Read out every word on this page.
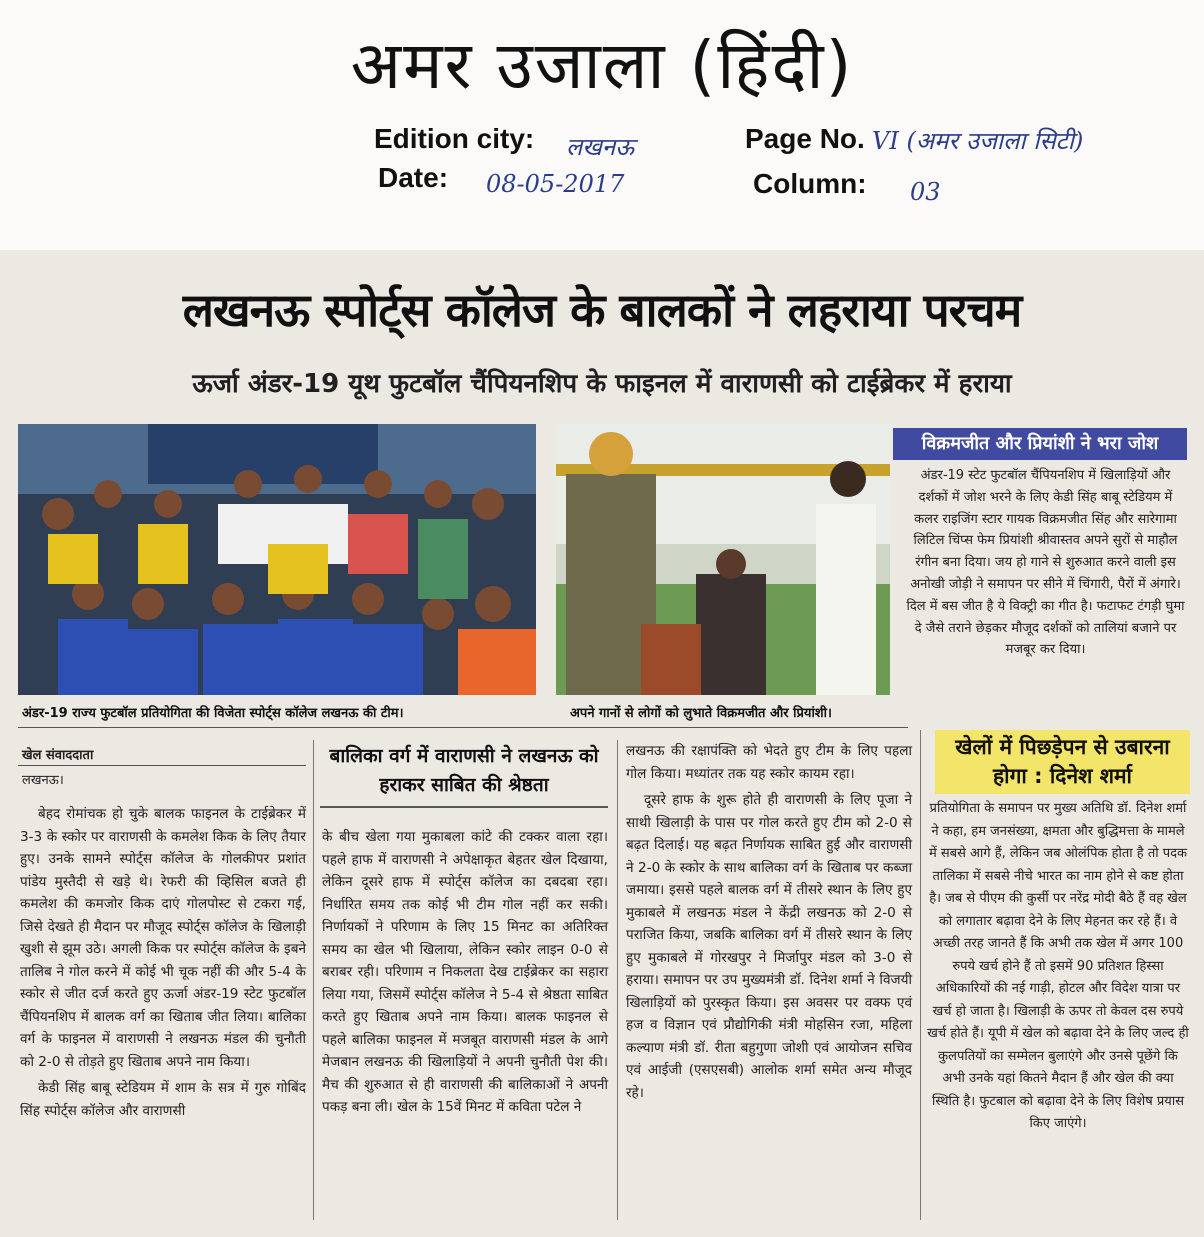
अमर उजाला (हिंदी)
Edition city: लखनऊ	Page No. VI (अमर उजाला सिटी)
Date: 08-05-2017	Column: 03
लखनऊ स्पोर्ट्स कॉलेज के बालकों ने लहराया परचम
ऊर्जा अंडर-19 यूथ फुटबॉल चैंपियनशिप के फाइनल में वाराणसी को टाईब्रेकर में हराया
अंडर-19 राज्य फुटबॉल प्रतियोगिता की विजेता स्पोर्ट्स कॉलेज लखनऊ की टीम।	अपने गानों से लोगों को लुभाते विक्रमजीत और प्रियांशी।
विक्रमजीत और प्रियांशी ने भरा जोश
अंडर-19 स्टेट फुटबॉल चैंपियनशिप में खिलाड़ियों और दर्शकों में जोश भरने के लिए केडी सिंह बाबू स्टेडियम में कलर राइजिंग स्टार गायक विक्रमजीत सिंह और सारेगामा लिटिल चिंप्स फेम प्रियांशी श्रीवास्तव अपने सुरों से माहौल रंगीन बना दिया। जय हो गाने से शुरुआत करने वाली इस अनोखी जोड़ी ने समापन पर सीने में चिंगारी, पैरों में अंगारे। दिल में बस जीत है ये विक्ट्री का गीत है। फटाफट टंगड़ी घुमा दे जैसे तराने छेड़कर मौजूद दर्शकों को तालियां बजाने पर मजबूर कर दिया।
खेल संवाददाता
लखनऊ।

बेहद रोमांचक हो चुके बालक फाइनल के टाईब्रेकर में 3-3 के स्कोर पर वाराणसी के कमलेश किक के लिए तैयार हुए। उनके सामने स्पोर्ट्स कॉलेज के गोलकीपर प्रशांत पांडेय मुस्तैदी से खड़े थे। रेफरी की व्हिसिल बजते ही कमलेश की कमजोर किक दाएं गोलपोस्ट से टकरा गई, जिसे देखते ही मैदान पर मौजूद स्पोर्ट्स कॉलेज के खिलाड़ी खुशी से झूम उठे। अगली किक पर स्पोर्ट्स कॉलेज के इबने तालिब ने गोल करने में कोई भी चूक नहीं की और 5-4 के स्कोर से जीत दर्ज करते हुए ऊर्जा अंडर-19 स्टेट फुटबॉल चैंपियनशिप में बालक वर्ग का खिताब जीत लिया। बालिका वर्ग के फाइनल में वाराणसी ने लखनऊ मंडल की चुनौती को 2-0 से तोड़ते हुए खिताब अपने नाम किया।

केडी सिंह बाबू स्टेडियम में शाम के सत्र में गुरु गोबिंद सिंह स्पोर्ट्स कॉलेज और वाराणसी

बालिका वर्ग में वाराणसी ने लखनऊ को हराकर साबित की श्रेष्ठता

के बीच खेला गया मुकाबला कांटे की टक्कर वाला रहा। पहले हाफ में वाराणसी ने अपेक्षाकृत बेहतर खेल दिखाया, लेकिन दूसरे हाफ में स्पोर्ट्स कॉलेज का दबदबा रहा। निर्धारित समय तक कोई भी टीम गोल नहीं कर सकी। निर्णायकों ने परिणाम के लिए 15 मिनट का अतिरिक्त समय का खेल भी खिलाया, लेकिन स्कोर लाइन 0-0 से बराबर रही। परिणाम न निकलता देख टाईब्रेकर का सहारा लिया गया, जिसमें स्पोर्ट्स कॉलेज ने 5-4 से श्रेष्ठता साबित करते हुए खिताब अपने नाम किया। बालक फाइनल से पहले बालिका फाइनल में मजबूत वाराणसी मंडल के आगे मेजबान लखनऊ की खिलाड़ियों ने अपनी चुनौती पेश की। मैच की शुरुआत से ही वाराणसी की बालिकाओं ने अपनी पकड़ बना ली। खेल के 15वें मिनट में कविता पटेल ने

लखनऊ की रक्षापंक्ति को भेदते हुए टीम के लिए पहला गोल किया। मध्यांतर तक यह स्कोर कायम रहा।

दूसरे हाफ के शुरू होते ही वाराणसी के लिए पूजा ने साथी खिलाड़ी के पास पर गोल करते हुए टीम को 2-0 से बढ़त दिलाई। यह बढ़त निर्णायक साबित हुई और वाराणसी ने 2-0 के स्कोर के साथ बालिका वर्ग के खिताब पर कब्जा जमाया। इससे पहले बालक वर्ग में तीसरे स्थान के लिए हुए मुकाबले में लखनऊ मंडल ने केंद्री लखनऊ को 2-0 से पराजित किया, जबकि बालिका वर्ग में तीसरे स्थान के लिए हुए मुकाबले में गोरखपुर ने मिर्जापुर मंडल को 3-0 से हराया। समापन पर उप मुख्यमंत्री डॉ. दिनेश शर्मा ने विजयी खिलाड़ियों को पुरस्कृत किया। इस अवसर पर वक्फ एवं हज व विज्ञान एवं प्रौद्योगिकी मंत्री मोहसिन रजा, महिला कल्याण मंत्री डॉ. रीता बहुगुणा जोशी एवं आयोजन सचिव एवं आईजी (एसएसबी) आलोक शर्मा समेत अन्य मौजूद रहे।

खेलों में पिछड़ेपन से उबारना होगा : दिनेश शर्मा
प्रतियोगिता के समापन पर मुख्य अतिथि डॉ. दिनेश शर्मा ने कहा, हम जनसंख्या, क्षमता और बुद्धिमत्ता के मामले में सबसे आगे हैं, लेकिन जब ओलंपिक होता है तो पदक तालिका में सबसे नीचे भारत का नाम होने से कष्ट होता है। जब से पीएम की कुर्सी पर नरेंद्र मोदी बैठे हैं वह खेल को लगातार बढ़ावा देने के लिए मेहनत कर रहे हैं। वे अच्छी तरह जानते हैं कि अभी तक खेल में अगर 100 रुपये खर्च होने हैं तो इसमें 90 प्रतिशत हिस्सा अधिकारियों की नई गाड़ी, होटल और विदेश यात्रा पर खर्च हो जाता है। खिलाड़ी के ऊपर तो केवल दस रुपये खर्च होते हैं। यूपी में खेल को बढ़ावा देने के लिए जल्द ही कुलपतियों का सम्मेलन बुलाएंगे और उनसे पूछेंगे कि अभी उनके यहां कितने मैदान हैं और खेल की क्या स्थिति है। फुटबाल को बढ़ावा देने के लिए विशेष प्रयास किए जाएंगे।
